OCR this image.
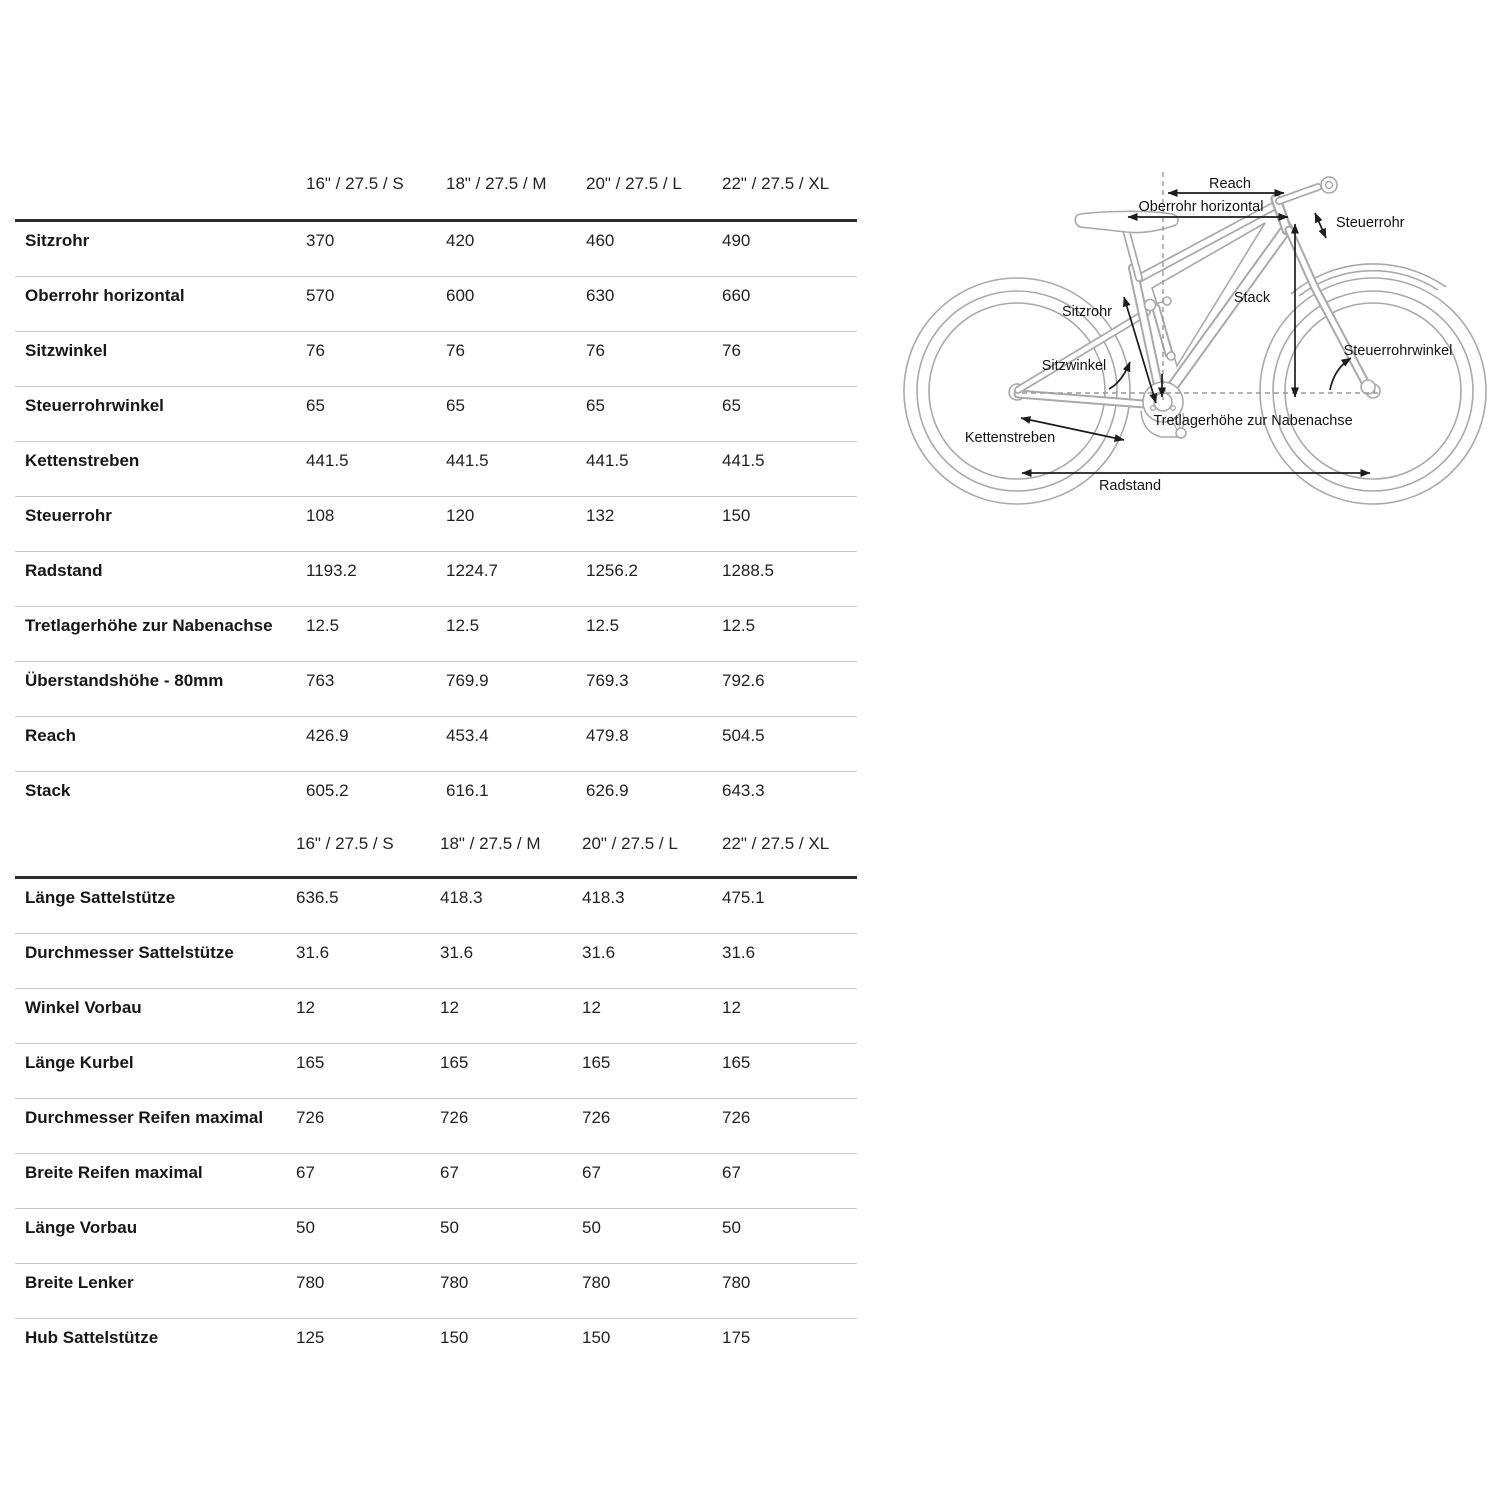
16" / 27.5 / S	18" / 27.5 / M	20" / 27.5 / L	22" / 27.5 / XL
Sitzrohr	370	420	460	490
Oberrohr horizontal	570	600	630	660
Sitzwinkel	76	76	76	76
Steuerrohrwinkel	65	65	65	65
Kettenstreben	441.5	441.5	441.5	441.5
Steuerrohr	108	120	132	150
Radstand	1193.2	1224.7	1256.2	1288.5
Tretlagerhöhe zur Nabenachse	12.5	12.5	12.5	12.5
Überstandshöhe - 80mm	763	769.9	769.3	792.6
Reach	426.9	453.4	479.8	504.5
Stack	605.2	616.1	626.9	643.3
16" / 27.5 / S	18" / 27.5 / M	20" / 27.5 / L	22" / 27.5 / XL
Länge Sattelstütze	636.5	418.3	418.3	475.1
Durchmesser Sattelstütze	31.6	31.6	31.6	31.6
Winkel Vorbau	12	12	12	12
Länge Kurbel	165	165	165	165
Durchmesser Reifen maximal	726	726	726	726
Breite Reifen maximal	67	67	67	67
Länge Vorbau	50	50	50	50
Breite Lenker	780	780	780	780
Hub Sattelstütze	125	150	150	175
Reach
Oberrohr horizontal
Steuerrohr
Stack
Sitzrohr
Sitzwinkel
Steuerrohrwinkel
Tretlagerhöhe zur Nabenachse
Kettenstreben
Radstand
